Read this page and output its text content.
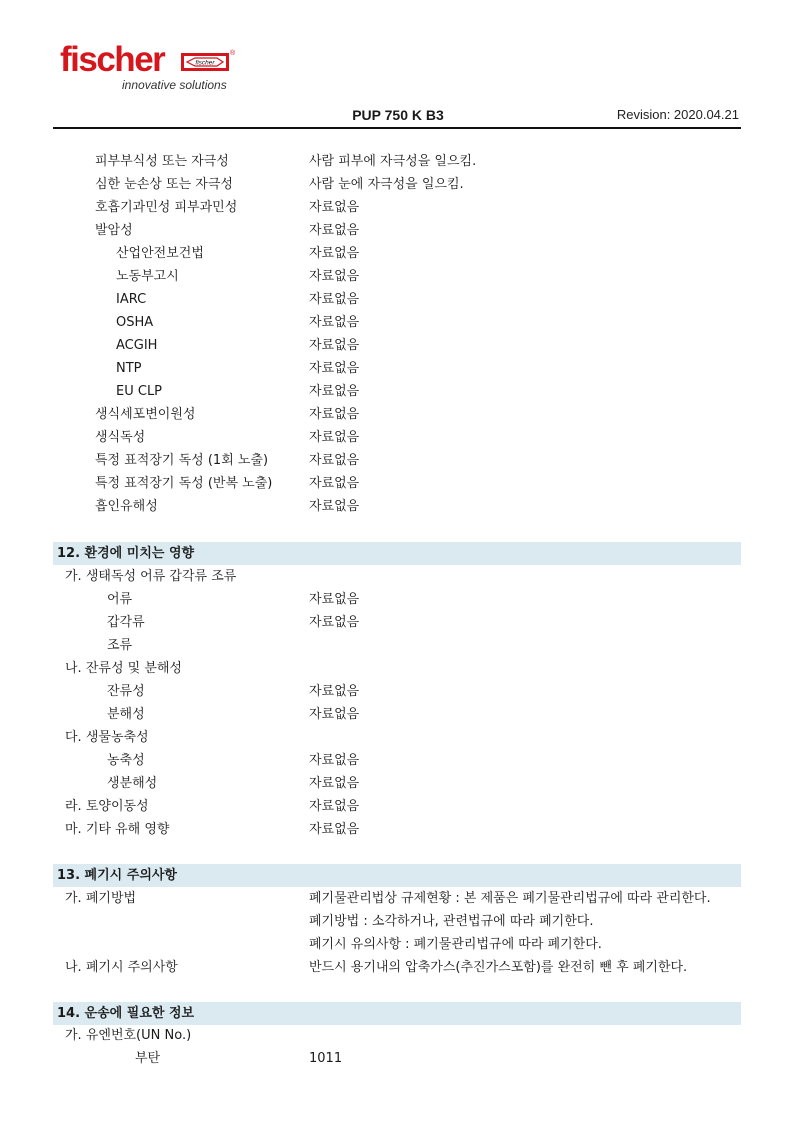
fischer	fischer
®
innovative solutions
PUP 750 K B3	Revision: 2020.04.21
피부부식성 또는 자극성	사람 피부에 자극성을 일으킴.
심한 눈손상 또는 자극성	사람 눈에 자극성을 일으킴.
호흡기과민성 피부과민성	자료없음
발암성	자료없음
산업안전보건법	자료없음
노동부고시	자료없음
IARC	자료없음
OSHA	자료없음
ACGIH	자료없음
NTP	자료없음
EU CLP	자료없음
생식세포변이원성	자료없음
생식독성	자료없음
특정 표적장기 독성 (1회 노출)	자료없음
특정 표적장기 독성 (반복 노출)	자료없음
흡인유해성	자료없음
12. 환경에 미치는 영향
가. 생태독성 어류 갑각류 조류
어류	자료없음
갑각류	자료없음
조류
나. 잔류성 및 분해성
잔류성	자료없음
분해성	자료없음
다. 생물농축성
농축성	자료없음
생분해성	자료없음
라. 토양이동성	자료없음
마. 기타 유해 영향	자료없음
13. 폐기시 주의사항
가. 폐기방법	폐기물관리법상 규제현황 : 본 제품은 폐기물관리법규에 따라 관리한다.
폐기방법 : 소각하거나, 관련법규에 따라 폐기한다.
폐기시 유의사항 : 폐기물관리법규에 따라 폐기한다.
나. 폐기시 주의사항	반드시 용기내의 압축가스(추진가스포함)를 완전히 뺀 후 폐기한다.
14. 운송에 필요한 정보
가. 유엔번호(UN No.)
부탄	1011
